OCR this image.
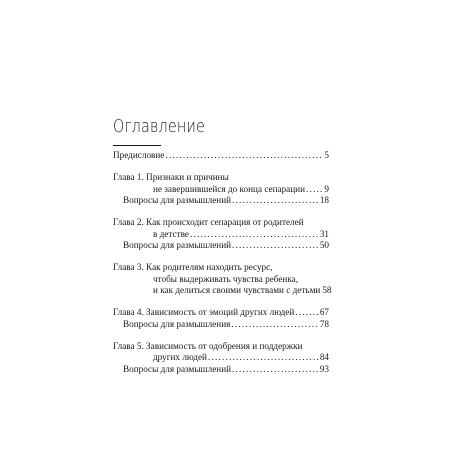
Оглавление
Предисловие .....	5
Глава 1. Признаки и причины
не завершившейся до конца сепарации ..... 9
Вопросы для размышлений .....	18
Глава 2. Как происходит сепарация от родителей
в детстве .....	31
Вопросы для размышлений .....	50
Глава 3. Как родителям находить ресурс,
чтобы выдерживать чувства ребенка,
и как делиться своими чувствами с детьми 58
Глава 4. Зависимость от эмоций других людей .....	67
Вопросы для размышления .....	78
Глава 5. Зависимость от одобрения и поддержки
других людей .....	84
Вопросы для размышлений .....	93
